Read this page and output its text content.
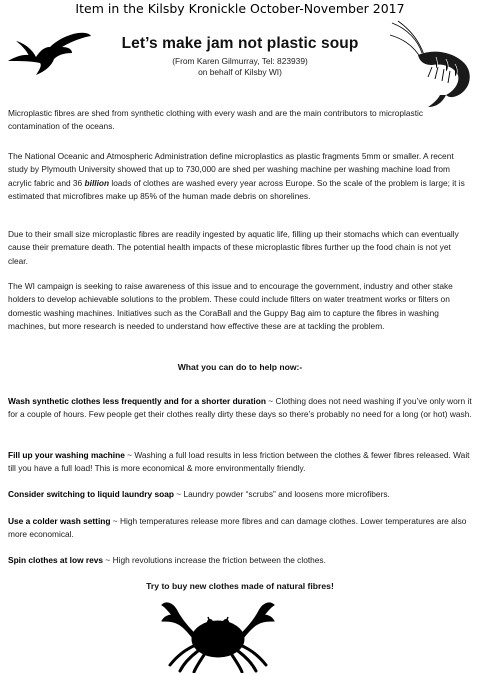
Item in the Kilsby Kronickle October-November 2017
Let’s make jam not plastic soup
(From Karen Gilmurray, Tel: 823939)
on behalf of Kilsby WI)

Microplastic fibres are shed from synthetic clothing with every wash and are the main contributors to microplastic contamination of the oceans.

The National Oceanic and Atmospheric Administration define microplastics as plastic fragments 5mm or smaller. A recent study by Plymouth University showed that up to 730,000 are shed per washing machine per washing machine load from acrylic fabric and 36 billion loads of clothes are washed every year across Europe. So the scale of the problem is large; it is estimated that microfibres make up 85% of the human made debris on shorelines.

Due to their small size microplastic fibres are readily ingested by aquatic life, filling up their stomachs which can eventually cause their premature death. The potential health impacts of these microplastic fibres further up the food chain is not yet clear.

The WI campaign is seeking to raise awareness of this issue and to encourage the government, industry and other stake holders to develop achievable solutions to the problem. These could include filters on water treatment works or filters on domestic washing machines. Initiatives such as the CoraBall and the Guppy Bag aim to capture the fibres in washing machines, but more research is needed to understand how effective these are at tackling the problem.

What you can do to help now:-

Wash synthetic clothes less frequently and for a shorter duration ~ Clothing does not need washing if you’ve only worn it for a couple of hours. Few people get their clothes really dirty these days so there’s probably no need for a long (or hot) wash.

Fill up your washing machine ~ Washing a full load results in less friction between the clothes & fewer fibres released. Wait till you have a full load! This is more economical & more environmentally friendly.

Consider switching to liquid laundry soap ~ Laundry powder “scrubs” and loosens more microfibers.

Use a colder wash setting ~ High temperatures release more fibres and can damage clothes. Lower temperatures are also more economical.

Spin clothes at low revs ~ High revolutions increase the friction between the clothes.

Try to buy new clothes made of natural fibres!
